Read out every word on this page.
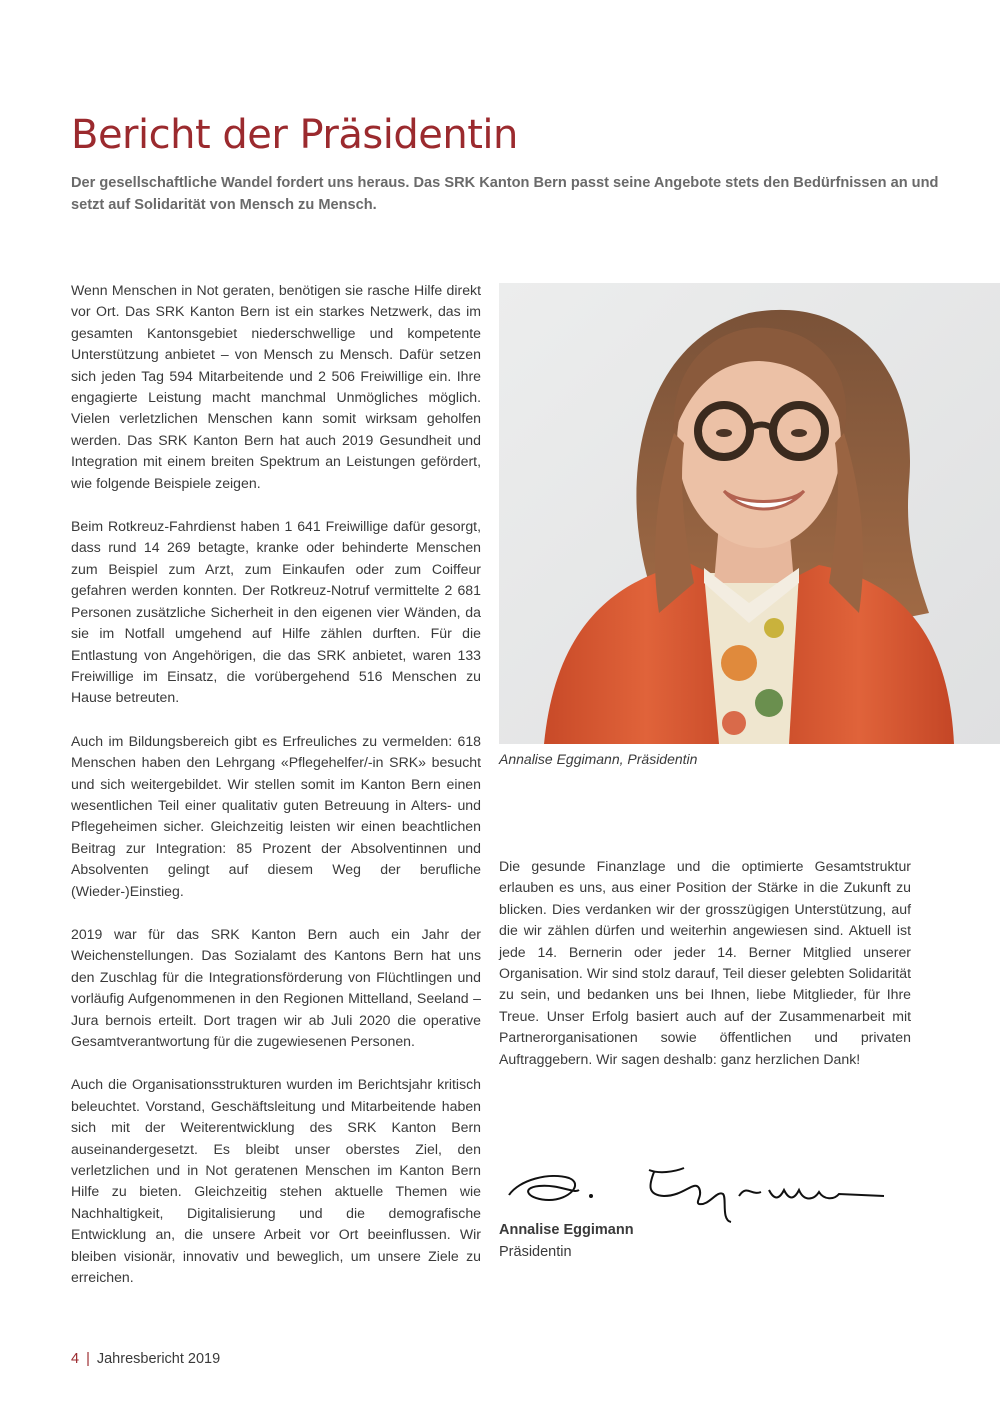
Bericht der Präsidentin

Der gesellschaftliche Wandel fordert uns heraus. Das SRK Kanton Bern passt seine Angebote stets den Bedürfnissen an und setzt auf Solidarität von Mensch zu Mensch.

Wenn Menschen in Not geraten, benötigen sie rasche Hilfe direkt vor Ort. Das SRK Kanton Bern ist ein starkes Netzwerk, das im gesamten Kantonsgebiet niederschwellige und kompetente Unterstützung anbietet – von Mensch zu Mensch. Dafür setzen sich jeden Tag 594 Mitarbeitende und 2 506 Freiwillige ein. Ihre engagierte Leistung macht manchmal Unmögliches möglich. Vielen verletzlichen Menschen kann somit wirksam geholfen werden. Das SRK Kanton Bern hat auch 2019 Gesundheit und Integration mit einem breiten Spektrum an Leistungen gefördert, wie folgende Beispiele zeigen.

Beim Rotkreuz-Fahrdienst haben 1 641 Freiwillige dafür gesorgt, dass rund 14 269 betagte, kranke oder behinderte Menschen zum Beispiel zum Arzt, zum Einkaufen oder zum Coiffeur gefahren werden konnten. Der Rotkreuz-Notruf vermittelte 2 681 Personen zusätzliche Sicherheit in den eigenen vier Wänden, da sie im Notfall umgehend auf Hilfe zählen durften. Für die Entlastung von Angehörigen, die das SRK anbietet, waren 133 Freiwillige im Einsatz, die vorübergehend 516 Menschen zu Hause betreuten.

Auch im Bildungsbereich gibt es Erfreuliches zu vermelden: 618 Menschen haben den Lehrgang «Pflegehelfer/-in SRK» besucht und sich weitergebildet. Wir stellen somit im Kanton Bern einen wesentlichen Teil einer qualitativ guten Betreuung in Alters- und Pflegeheimen sicher. Gleichzeitig leisten wir einen beachtlichen Beitrag zur Integration: 85 Prozent der Absolventinnen und Absolventen gelingt auf diesem Weg der berufliche (Wieder-)Einstieg.

2019 war für das SRK Kanton Bern auch ein Jahr der Weichenstellungen. Das Sozialamt des Kantons Bern hat uns den Zuschlag für die Integrationsförderung von Flüchtlingen und vorläufig Aufgenommenen in den Regionen Mittelland, Seeland – Jura bernois erteilt. Dort tragen wir ab Juli 2020 die operative Gesamtverantwortung für die zugewiesenen Personen.

Auch die Organisationsstrukturen wurden im Berichtsjahr kritisch beleuchtet. Vorstand, Geschäftsleitung und Mitarbeitende haben sich mit der Weiterentwicklung des SRK Kanton Bern auseinandergesetzt. Es bleibt unser oberstes Ziel, den verletzlichen und in Not geratenen Menschen im Kanton Bern Hilfe zu bieten. Gleichzeitig stehen aktuelle Themen wie Nachhaltigkeit, Digitalisierung und die demografische Entwicklung an, die unsere Arbeit vor Ort beeinflussen. Wir bleiben visionär, innovativ und beweglich, um unsere Ziele zu erreichen.

Annalise Eggimann, Präsidentin

Die gesunde Finanzlage und die optimierte Gesamtstruktur erlauben es uns, aus einer Position der Stärke in die Zukunft zu blicken. Dies verdanken wir der grosszügigen Unterstützung, auf die wir zählen dürfen und weiterhin angewiesen sind. Aktuell ist jede 14. Bernerin oder jeder 14. Berner Mitglied unserer Organisation. Wir sind stolz darauf, Teil dieser gelebten Solidarität zu sein, und bedanken uns bei Ihnen, liebe Mitglieder, für Ihre Treue. Unser Erfolg basiert auch auf der Zusammenarbeit mit Partnerorganisationen sowie öffentlichen und privaten Auftraggebern. Wir sagen deshalb: ganz herzlichen Dank!

Annalise Eggimann

Präsidentin

4 | Jahresbericht 2019
